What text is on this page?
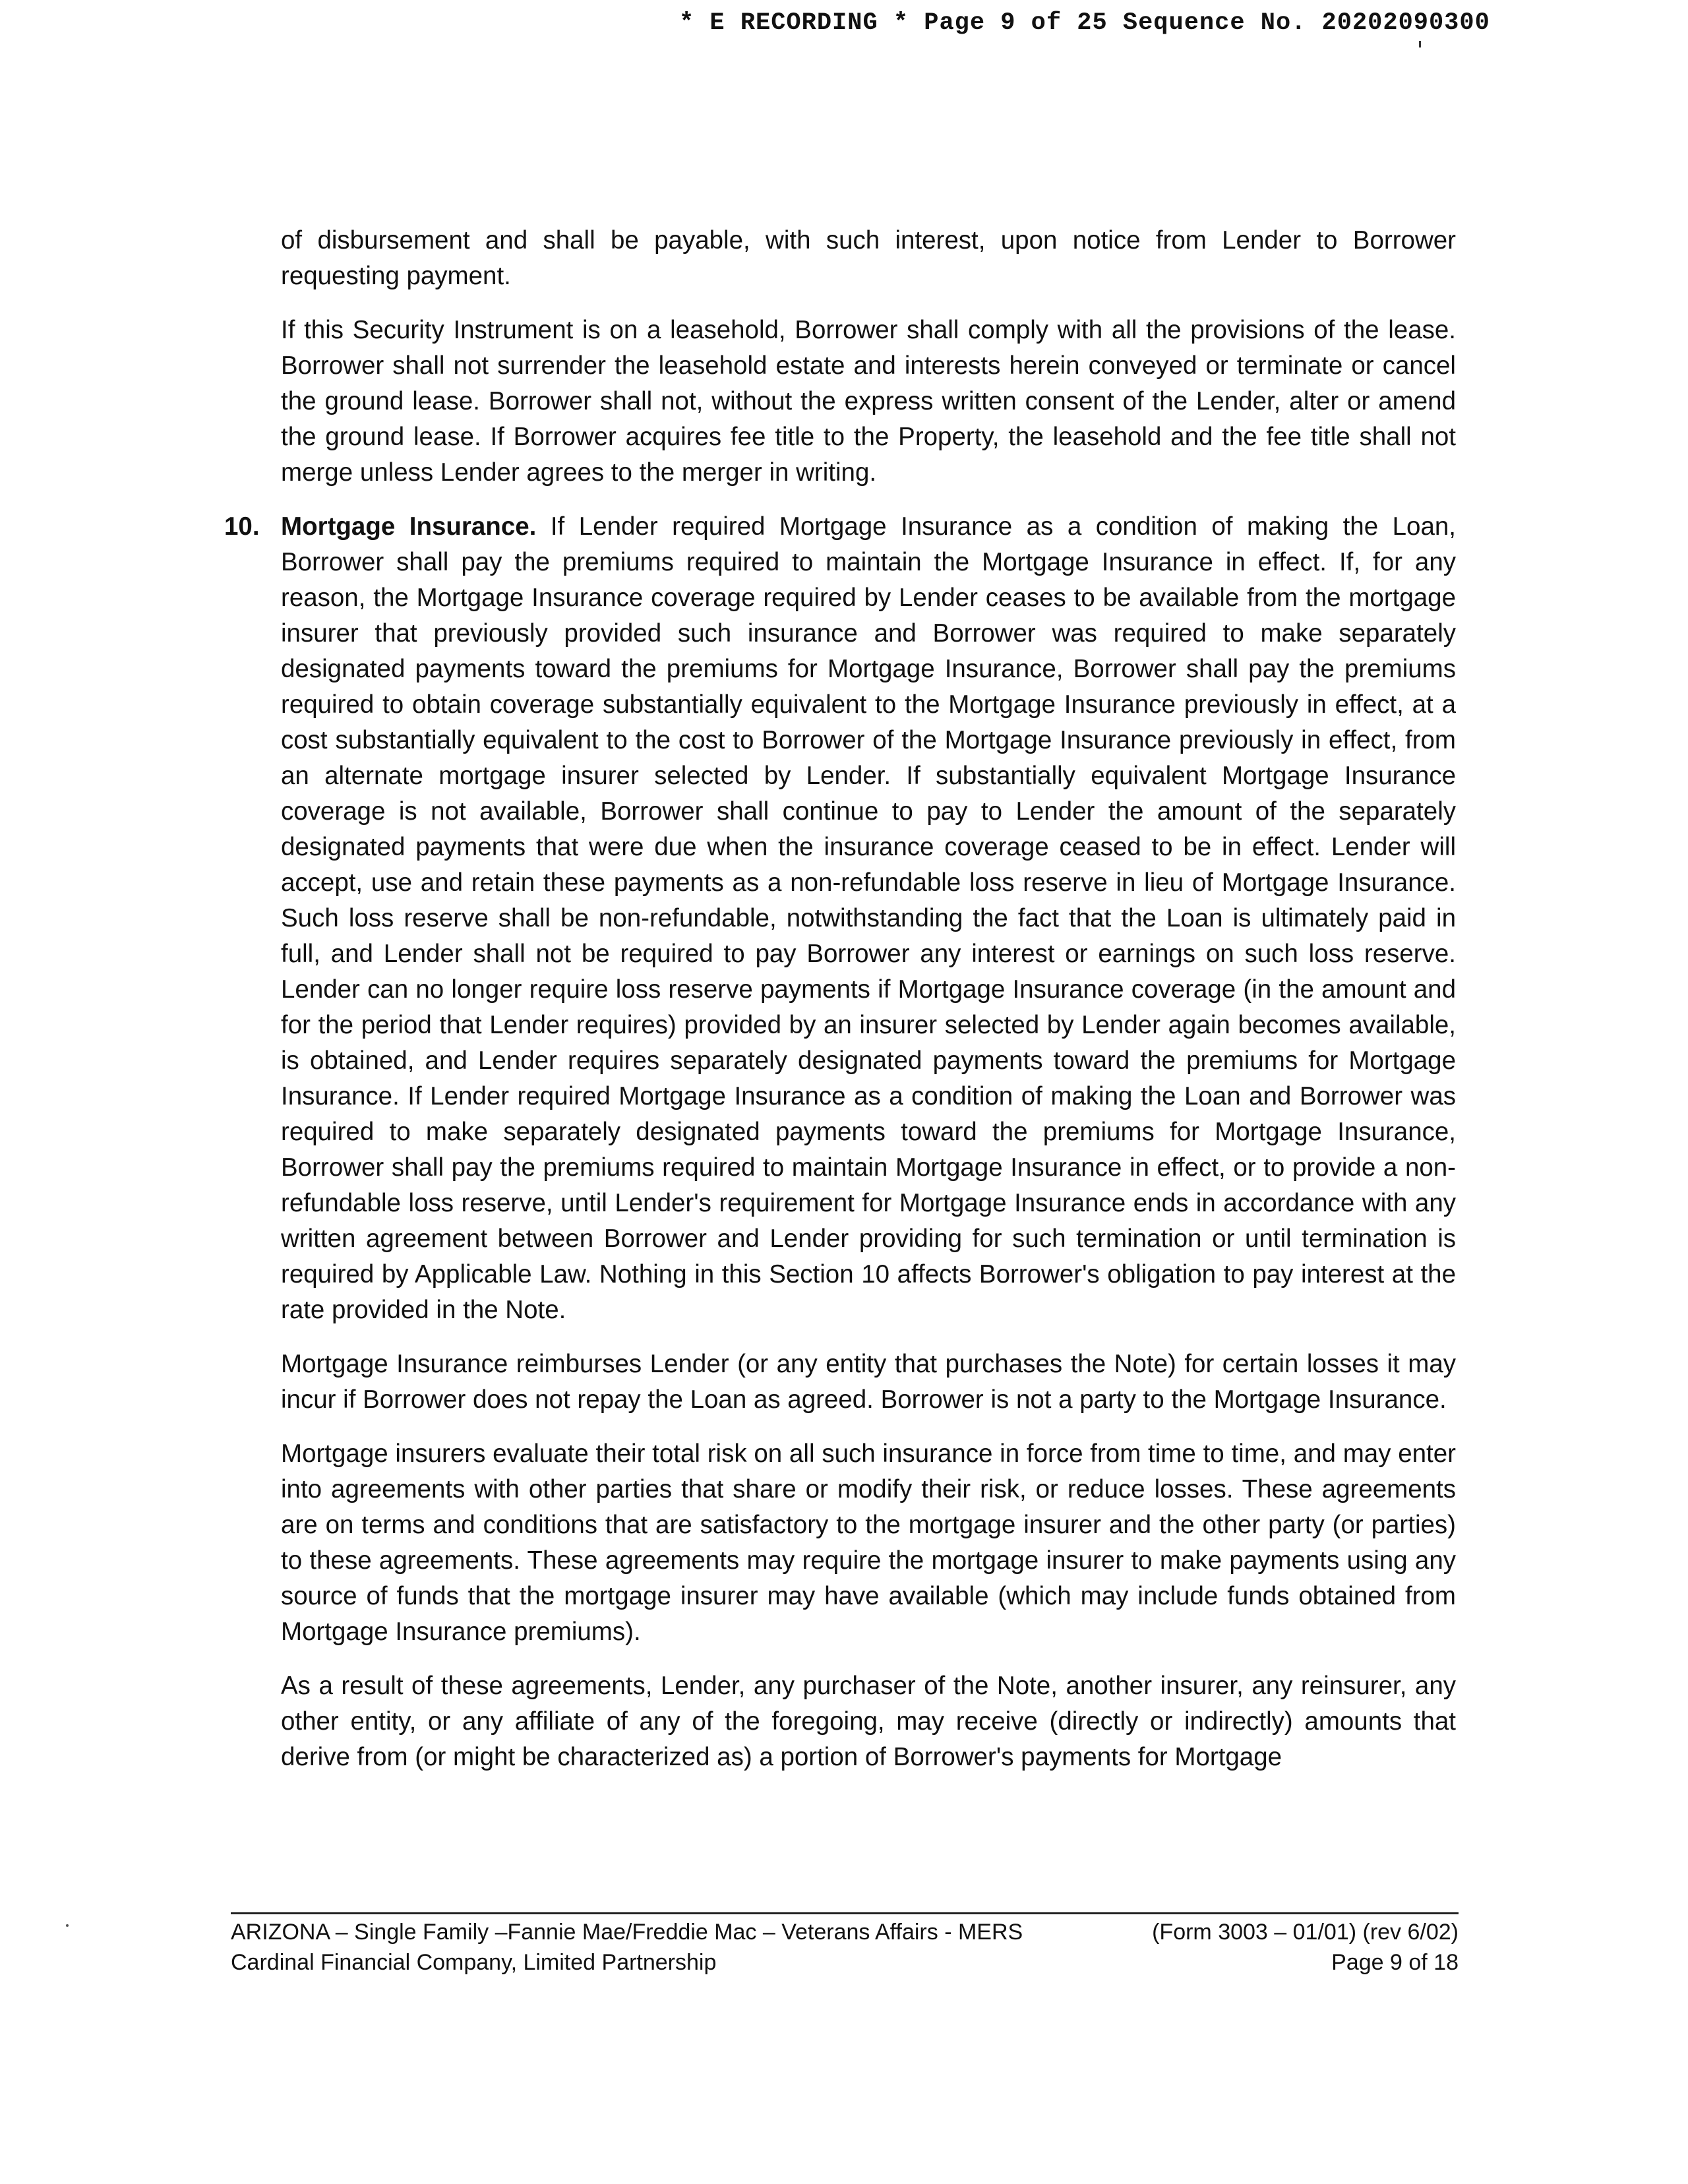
* E RECORDING * Page 9 of 25 Sequence No. 20202090300

of disbursement and shall be payable, with such interest, upon notice from Lender to Borrower requesting payment.

If this Security Instrument is on a leasehold, Borrower shall comply with all the provisions of the lease. Borrower shall not surrender the leasehold estate and interests herein conveyed or terminate or cancel the ground lease. Borrower shall not, without the express written consent of the Lender, alter or amend the ground lease. If Borrower acquires fee title to the Property, the leasehold and the fee title shall not merge unless Lender agrees to the merger in writing.

10. Mortgage Insurance. If Lender required Mortgage Insurance as a condition of making the Loan, Borrower shall pay the premiums required to maintain the Mortgage Insurance in effect. If, for any reason, the Mortgage Insurance coverage required by Lender ceases to be available from the mortgage insurer that previously provided such insurance and Borrower was required to make separately designated payments toward the premiums for Mortgage Insurance, Borrower shall pay the premiums required to obtain coverage substantially equivalent to the Mortgage Insurance previously in effect, at a cost substantially equivalent to the cost to Borrower of the Mortgage Insurance previously in effect, from an alternate mortgage insurer selected by Lender. If substantially equivalent Mortgage Insurance coverage is not available, Borrower shall continue to pay to Lender the amount of the separately designated payments that were due when the insurance coverage ceased to be in effect. Lender will accept, use and retain these payments as a non-refundable loss reserve in lieu of Mortgage Insurance. Such loss reserve shall be non-refundable, notwithstanding the fact that the Loan is ultimately paid in full, and Lender shall not be required to pay Borrower any interest or earnings on such loss reserve. Lender can no longer require loss reserve payments if Mortgage Insurance coverage (in the amount and for the period that Lender requires) provided by an insurer selected by Lender again becomes available, is obtained, and Lender requires separately designated payments toward the premiums for Mortgage Insurance. If Lender required Mortgage Insurance as a condition of making the Loan and Borrower was required to make separately designated payments toward the premiums for Mortgage Insurance, Borrower shall pay the premiums required to maintain Mortgage Insurance in effect, or to provide a non-refundable loss reserve, until Lender's requirement for Mortgage Insurance ends in accordance with any written agreement between Borrower and Lender providing for such termination or until termination is required by Applicable Law. Nothing in this Section 10 affects Borrower's obligation to pay interest at the rate provided in the Note.

Mortgage Insurance reimburses Lender (or any entity that purchases the Note) for certain losses it may incur if Borrower does not repay the Loan as agreed. Borrower is not a party to the Mortgage Insurance.

Mortgage insurers evaluate their total risk on all such insurance in force from time to time, and may enter into agreements with other parties that share or modify their risk, or reduce losses. These agreements are on terms and conditions that are satisfactory to the mortgage insurer and the other party (or parties) to these agreements. These agreements may require the mortgage insurer to make payments using any source of funds that the mortgage insurer may have available (which may include funds obtained from Mortgage Insurance premiums).

As a result of these agreements, Lender, any purchaser of the Note, another insurer, any reinsurer, any other entity, or any affiliate of any of the foregoing, may receive (directly or indirectly) amounts that derive from (or might be characterized as) a portion of Borrower's payments for Mortgage

ARIZONA – Single Family –Fannie Mae/Freddie Mac – Veterans Affairs - MERS	(Form 3003 – 01/01) (rev 6/02)
Cardinal Financial Company, Limited Partnership	Page 9 of 18
